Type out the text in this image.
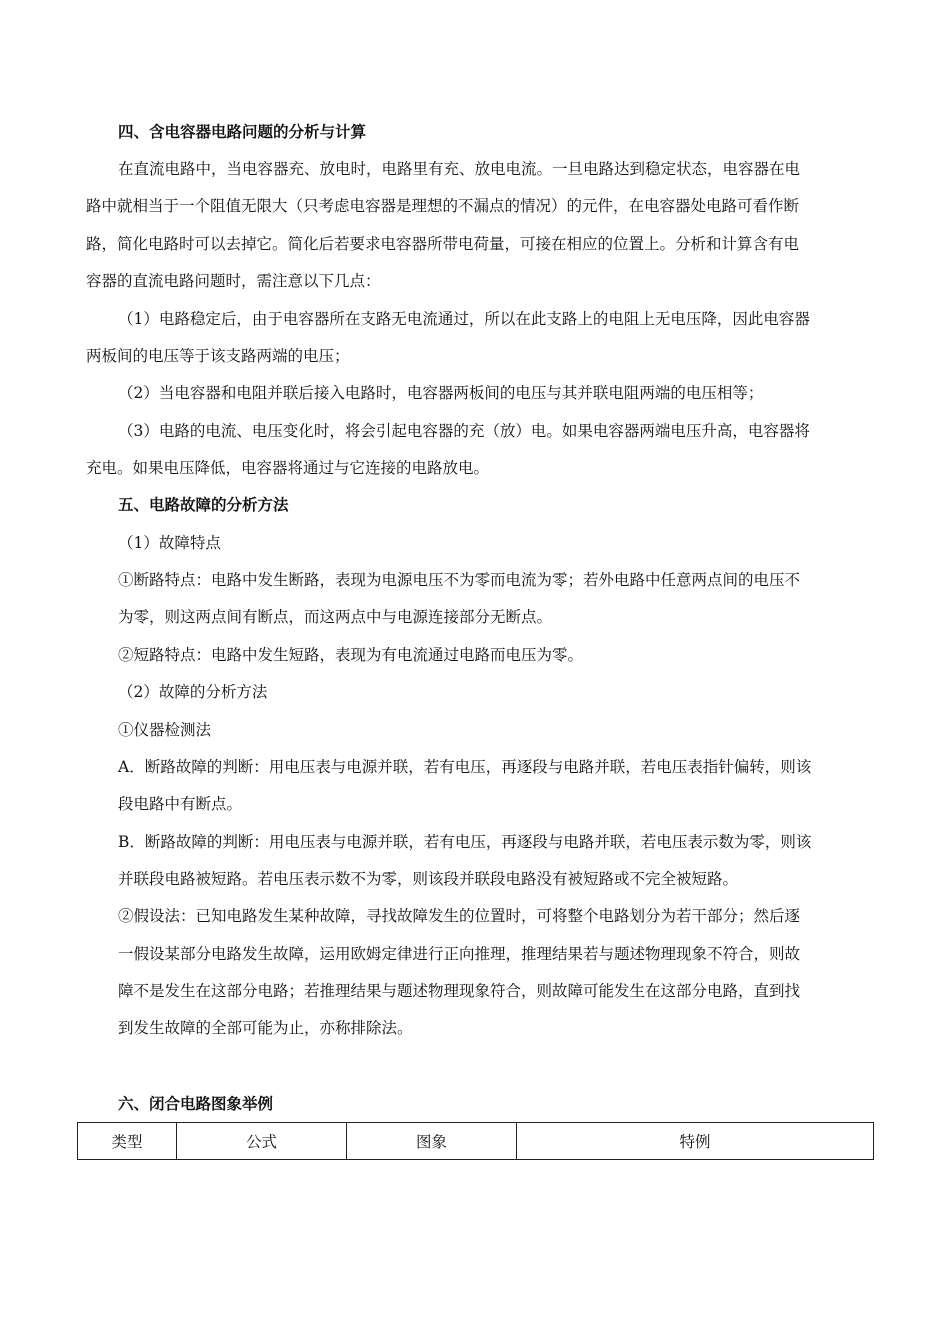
四、含电容器电路问题的分析与计算
在直流电路中，当电容器充、放电时，电路里有充、放电电流。一旦电路达到稳定状态，电容器在电
路中就相当于一个阻值无限大（只考虑电容器是理想的不漏点的情况）的元件，在电容器处电路可看作断
路，简化电路时可以去掉它。简化后若要求电容器所带电荷量，可接在相应的位置上。分析和计算含有电
容器的直流电路问题时，需注意以下几点：
（1）电路稳定后，由于电容器所在支路无电流通过，所以在此支路上的电阻上无电压降，因此电容器
两板间的电压等于该支路两端的电压；
（2）当电容器和电阻并联后接入电路时，电容器两板间的电压与其并联电阻两端的电压相等；
（3）电路的电流、电压变化时，将会引起电容器的充（放）电。如果电容器两端电压升高，电容器将
充电。如果电压降低，电容器将通过与它连接的电路放电。
五、电路故障的分析方法
（1）故障特点
①断路特点：电路中发生断路，表现为电源电压不为零而电流为零；若外电路中任意两点间的电压不
为零，则这两点间有断点，而这两点中与电源连接部分无断点。
②短路特点：电路中发生短路，表现为有电流通过电路而电压为零。
（2）故障的分析方法
①仪器检测法
A．断路故障的判断：用电压表与电源并联，若有电压，再逐段与电路并联，若电压表指针偏转，则该
段电路中有断点。
B．断路故障的判断：用电压表与电源并联，若有电压，再逐段与电路并联，若电压表示数为零，则该
并联段电路被短路。若电压表示数不为零，则该段并联段电路没有被短路或不完全被短路。
②假设法：已知电路发生某种故障，寻找故障发生的位置时，可将整个电路划分为若干部分；然后逐
一假设某部分电路发生故障，运用欧姆定律进行正向推理，推理结果若与题述物理现象不符合，则故
障不是发生在这部分电路；若推理结果与题述物理现象符合，则故障可能发生在这部分电路，直到找
到发生故障的全部可能为止，亦称排除法。
六、闭合电路图象举例
类型	公式	图象	特例
